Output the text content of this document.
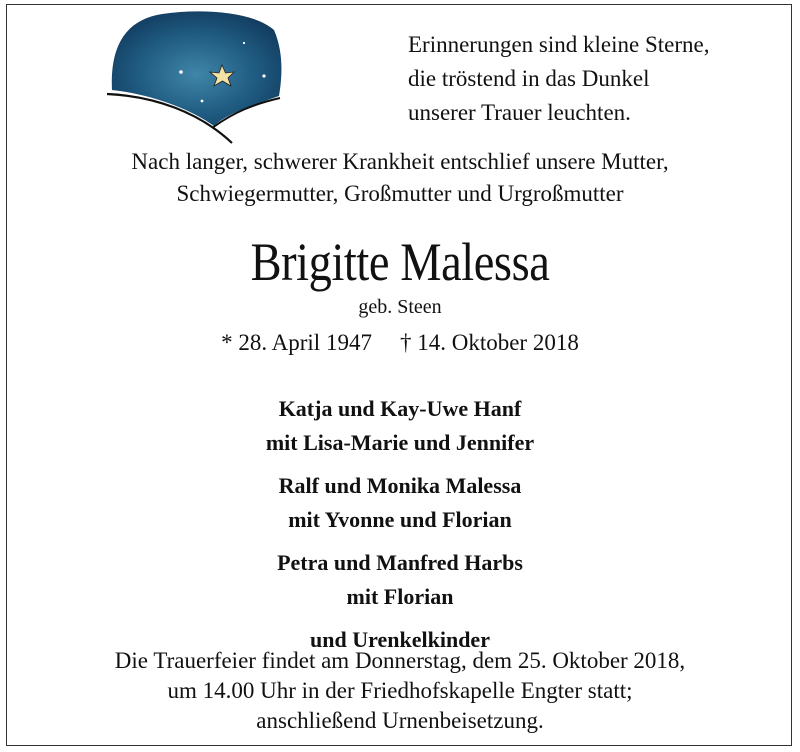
Erinnerungen sind kleine Sterne,
die tröstend in das Dunkel
unserer Trauer leuchten.
Nach langer, schwerer Krankheit entschlief unsere Mutter,
Schwiegermutter, Großmutter und Urgroßmutter
Brigitte Malessa
geb. Steen
* 28. April 1947 † 14. Oktober 2018
Katja und Kay-Uwe Hanf
mit Lisa-Marie und Jennifer
Ralf und Monika Malessa
mit Yvonne und Florian
Petra und Manfred Harbs
mit Florian
und Urenkelkinder
Die Trauerfeier findet am Donnerstag, dem 25. Oktober 2018,
um 14.00 Uhr in der Friedhofskapelle Engter statt;
anschließend Urnenbeisetzung.
